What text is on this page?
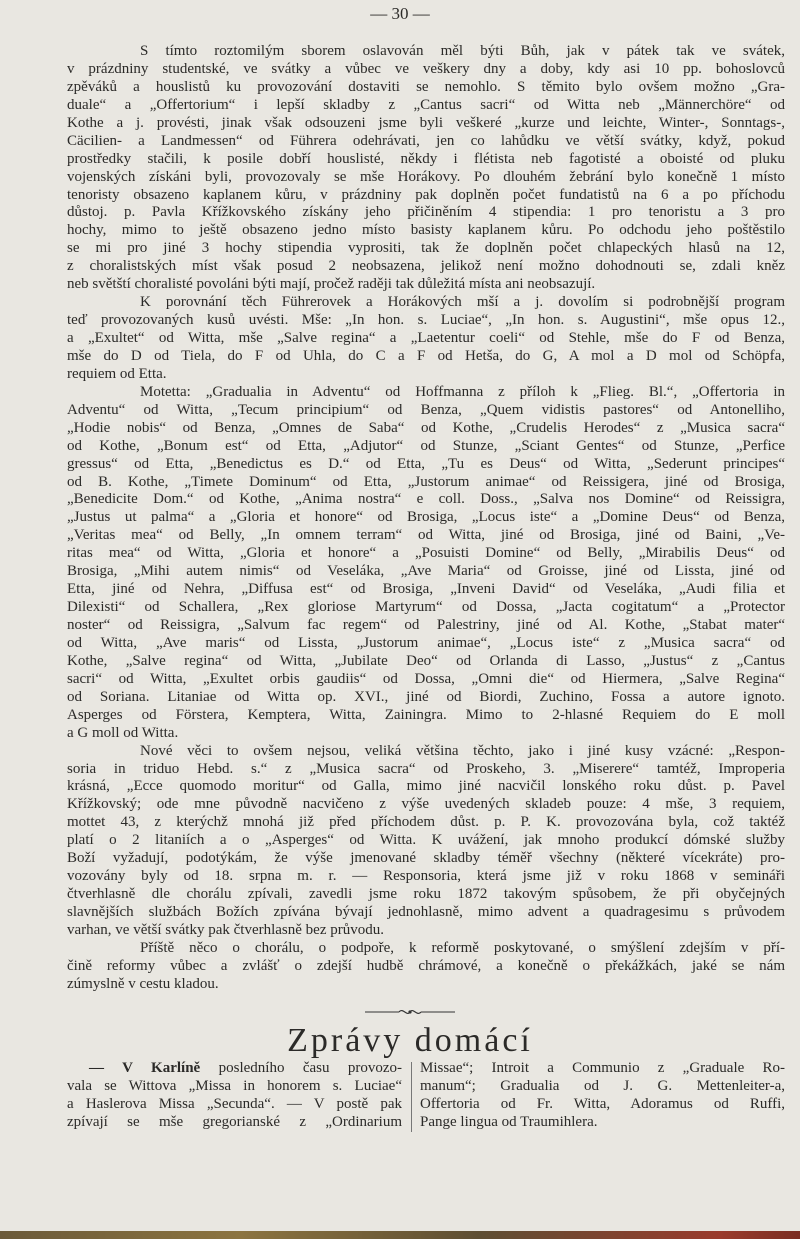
— 30 —
S tímto roztomilým sborem oslavován měl býti Bůh, jak v pátek tak ve svátek,
v prázdniny studentské, ve svátky a vůbec ve veškery dny a doby, kdy asi 10 pp. bohoslovců
zpěváků a houslistů ku provozování dostaviti se nemohlo. S těmito bylo ovšem možno „Gra-
duale“ a „Offertorium“ i lepší skladby z „Cantus sacri“ od Witta neb „Männerchöre“ od
Kothe a j. provésti, jinak však odsouzeni jsme byli veškeré „kurze und leichte, Winter-, Sonntags-,
Cäcilien- a Landmessen“ od Führera odehrávati, jen co lahůdku ve větší svátky, když, pokud
prostředky stačili, k posile dobří houslisté, někdy i flétista neb fagotisté a oboisté od pluku
vojenských získáni byli, provozovaly se mše Horákovy. Po dlouhém žebrání bylo konečně 1 místo
tenoristy obsazeno kaplanem kůru, v prázdniny pak doplněn počet fundatistů na 6 a po příchodu
důstoj. p. Pavla Křížkovského získány jeho přičiněním 4 stipendia: 1 pro tenoristu a 3 pro
hochy, mimo to ještě obsazeno jedno místo basisty kaplanem kůru. Po odchodu jeho poštěstilo
se mi pro jiné 3 hochy stipendia vyprositi, tak že doplněn počet chlapeckých hlasů na 12,
z choralistských míst však posud 2 neobsazena, jelikož není možno dohodnouti se, zdali kněz
neb světští choralisté povoláni býti mají, pročež raději tak důležitá místa ani neobsazují.
K porovnání těch Führerovek a Horákových mší a j. dovolím si podrobnější program
teď provozovaných kusů uvésti. Mše: „In hon. s. Luciae“, „In hon. s. Augustini“, mše opus 12.,
a „Exultet“ od Witta, mše „Salve regina“ a „Laetentur coeli“ od Stehle, mše do F od Benza,
mše do D od Tiela, do F od Uhla, do C a F od Hetša, do G, A mol a D mol od Schöpfa,
requiem od Etta.
Motetta: „Gradualia in Adventu“ od Hoffmanna z příloh k „Flieg. Bl.“, „Offertoria in
Adventu“ od Witta, „Tecum principium“ od Benza, „Quem vidistis pastores“ od Antonelliho,
„Hodie nobis“ od Benza, „Omnes de Saba“ od Kothe, „Crudelis Herodes“ z „Musica sacra“
od Kothe, „Bonum est“ od Etta, „Adjutor“ od Stunze, „Sciant Gentes“ od Stunze, „Perfice
gressus“ od Etta, „Benedictus es D.“ od Etta, „Tu es Deus“ od Witta, „Sederunt principes“
od B. Kothe, „Timete Dominum“ od Etta, „Justorum animae“ od Reissigera, jiné od Brosiga,
„Benedicite Dom.“ od Kothe, „Anima nostra“ e coll. Doss., „Salva nos Domine“ od Reissigra,
„Justus ut palma“ a „Gloria et honore“ od Brosiga, „Locus iste“ a „Domine Deus“ od Benza,
„Veritas mea“ od Belly, „In omnem terram“ od Witta, jiné od Brosiga, jiné od Baini, „Ve-
ritas mea“ od Witta, „Gloria et honore“ a „Posuisti Domine“ od Belly, „Mirabilis Deus“ od
Brosiga, „Mihi autem nimis“ od Veseláka, „Ave Maria“ od Groisse, jiné od Lissta, jiné od
Etta, jiné od Nehra, „Diffusa est“ od Brosiga, „Inveni David“ od Veseláka, „Audi filia et
Dilexisti“ od Schallera, „Rex gloriose Martyrum“ od Dossa, „Jacta cogitatum“ a „Protector
noster“ od Reissigra, „Salvum fac regem“ od Palestriny, jiné od Al. Kothe, „Stabat mater“
od Witta, „Ave maris“ od Lissta, „Justorum animae“, „Locus iste“ z „Musica sacra“ od
Kothe, „Salve regina“ od Witta, „Jubilate Deo“ od Orlanda di Lasso, „Justus“ z „Cantus
sacri“ od Witta, „Exultet orbis gaudiis“ od Dossa, „Omni die“ od Hiermera, „Salve Regina“
od Soriana. Litaniae od Witta op. XVI., jiné od Biordi, Zuchino, Fossa a autore ignoto.
Asperges od Förstera, Kemptera, Witta, Zainingra. Mimo to 2-hlasné Requiem do E moll
a G moll od Witta.
Nové věci to ovšem nejsou, veliká většina těchto, jako i jiné kusy vzácné: „Respon-
soria in triduo Hebd. s.“ z „Musica sacra“ od Proskeho, 3. „Miserere“ tamtéž, Improperia
krásná, „Ecce quomodo moritur“ od Galla, mimo jiné nacvičil lonského roku důst. p. Pavel
Křížkovský; ode mne původně nacvičeno z výše uvedených skladeb pouze: 4 mše, 3 requiem,
mottet 43, z kterýchž mnohá již před příchodem důst. p. P. K. provozována byla, což taktéž
platí o 2 litaniích a o „Asperges“ od Witta. K uvážení, jak mnoho produkcí dómské služby
Boží vyžadují, podotýkám, že výše jmenované skladby téměř všechny (některé vícekráte) pro-
vozovány byly od 18. srpna m. r. — Responsoria, která jsme již v roku 1868 v semináři
čtverhlasně dle chorálu zpívali, zavedli jsme roku 1872 takovým spůsobem, že při obyčejných
slavnějších službách Božích zpívána bývají jednohlasně, mimo advent a quadragesimu s průvodem
varhan, ve větší svátky pak čtverhlasně bez průvodu.
Příště něco o chorálu, o podpoře, k reformě poskytované, o smýšlení zdejším v pří-
čině reformy vůbec a zvlášť o zdejší hudbě chrámové, a konečně o překážkách, jaké se nám
zúmyslně v cestu kladou.
Zprávy domácí
— V Karlíně posledního času provozo-
vala se Wittova „Missa in honorem s. Luciae“
a Haslerova Missa „Secunda“. — V postě pak
zpívají se mše gregorianské z „Ordinarium
Missae“; Introit a Communio z „Graduale Ro-
manum“; Gradualia od J. G. Mettenleiter-a,
Offertoria od Fr. Witta, Adoramus od Ruffi,
Pange lingua od Traumihlera.
